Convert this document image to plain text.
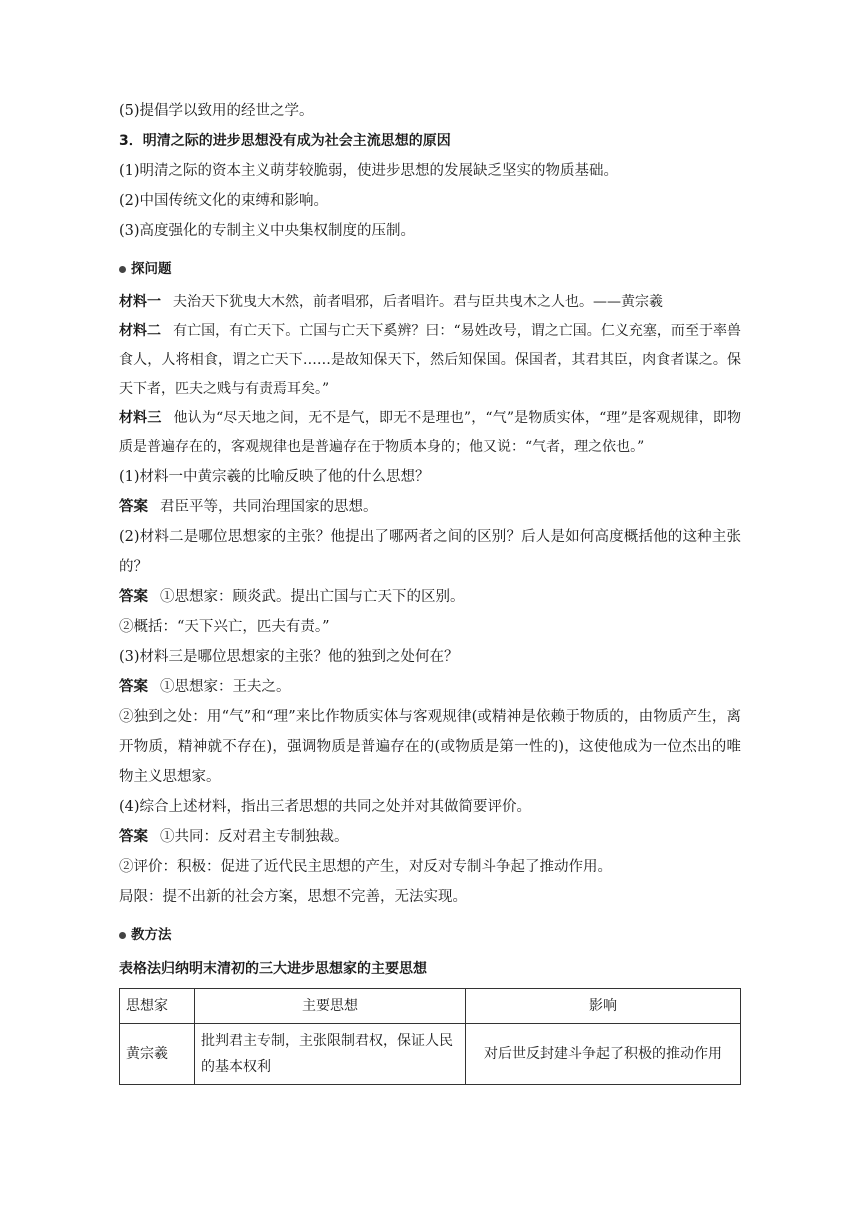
(5)提倡学以致用的经世之学。
3．明清之际的进步思想没有成为社会主流思想的原因
(1)明清之际的资本主义萌芽较脆弱，使进步思想的发展缺乏坚实的物质基础。
(2)中国传统文化的束缚和影响。
(3)高度强化的专制主义中央集权制度的压制。
探问题
材料一 夫治天下犹曳大木然，前者唱邪，后者唱许。君与臣共曳木之人也。——黄宗羲
材料二 有亡国，有亡天下。亡国与亡天下奚辨？曰：“易姓改号，谓之亡国。仁义充塞，而至于率兽食人，人将相食，谓之亡天下……是故知保天下，然后知保国。保国者，其君其臣，肉食者谋之。保天下者，匹夫之贱与有责焉耳矣。”
材料三 他认为“尽天地之间，无不是气，即无不是理也”，“气”是物质实体，“理”是客观规律，即物质是普遍存在的，客观规律也是普遍存在于物质本身的；他又说：“气者，理之依也。”
(1)材料一中黄宗羲的比喻反映了他的什么思想？
答案 君臣平等，共同治理国家的思想。
(2)材料二是哪位思想家的主张？他提出了哪两者之间的区别？后人是如何高度概括他的这种主张的？
答案 ①思想家：顾炎武。提出亡国与亡天下的区别。
②概括：“天下兴亡，匹夫有责。”
(3)材料三是哪位思想家的主张？他的独到之处何在？
答案 ①思想家：王夫之。
②独到之处：用“气”和“理”来比作物质实体与客观规律(或精神是依赖于物质的，由物质产生，离开物质，精神就不存在)，强调物质是普遍存在的(或物质是第一性的)，这使他成为一位杰出的唯物主义思想家。
(4)综合上述材料，指出三者思想的共同之处并对其做简要评价。
答案 ①共同：反对君主专制独裁。
②评价：积极：促进了近代民主思想的产生，对反对专制斗争起了推动作用。
局限：提不出新的社会方案，思想不完善，无法实现。
教方法
表格法归纳明末清初的三大进步思想家的主要思想
思想家	主要思想	影响
黄宗羲	批判君主专制，主张限制君权，保证人民的基本权利	对后世反封建斗争起了积极的推动作用
